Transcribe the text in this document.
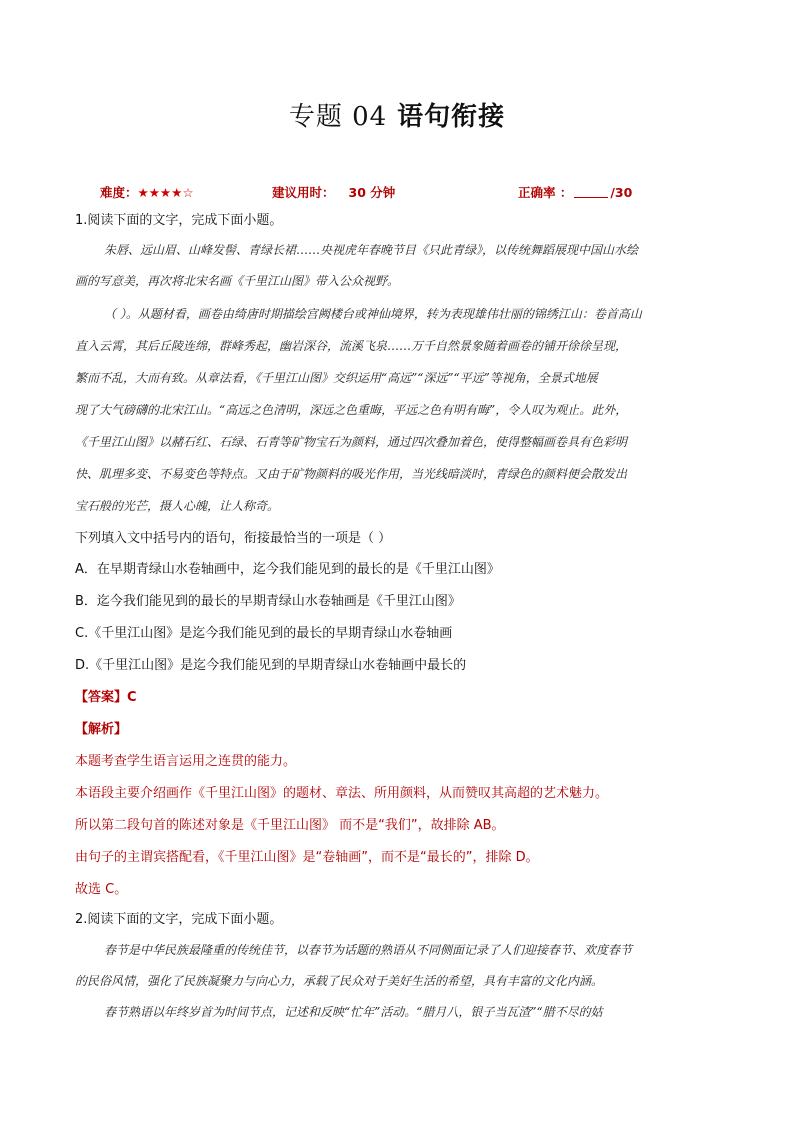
专题 04 语句衔接
难度：★★★★☆	建议用时： 30 分钟	正确率 ：	/30
1.阅读下面的文字，完成下面小题。
朱唇、远山眉、山峰发髻、青绿长裙……央视虎年春晚节目《只此青绿》，以传统舞蹈展现中国山水绘
画的写意美，再次将北宋名画《千里江山图》带入公众视野。
（ ）。从题材看，画卷由绮唐时期描绘宫阙楼台或神仙境界，转为表现雄伟壮丽的锦绣江山：卷首高山
直入云霄，其后丘陵连绵，群峰秀起，幽岩深谷，流溪飞泉……万千自然景象随着画卷的铺开徐徐呈现，
繁而不乱，大而有致。从章法看，《千里江山图》交织运用“高远”“深远”“平远”等视角，全景式地展
现了大气磅礴的北宋江山。“高远之色清明，深远之色重晦，平远之色有明有晦”，令人叹为观止。此外，
《千里江山图》以赭石红、石绿、石青等矿物宝石为颜料，通过四次叠加着色，使得整幅画卷具有色彩明
快、肌理多变、不易变色等特点。又由于矿物颜料的吸光作用，当光线暗淡时，青绿色的颜料便会散发出
宝石般的光芒，摄人心魄，让人称奇。
下列填入文中括号内的语句，衔接最恰当的一项是（ ）
A．在早期青绿山水卷轴画中，迄今我们能见到的最长的是《千里江山图》
B．迄今我们能见到的最长的早期青绿山水卷轴画是《千里江山图》
C.《千里江山图》是迄今我们能见到的最长的早期青绿山水卷轴画
D.《千里江山图》是迄今我们能见到的早期青绿山水卷轴画中最长的
【答案】C
【解析】
本题考查学生语言运用之连贯的能力。
本语段主要介绍画作《千里江山图》的题材、章法、所用颜料，从而赞叹其高超的艺术魅力。
所以第二段句首的陈述对象是《千里江山图》 而不是“我们”，故排除 AB。
由句子的主谓宾搭配看，《千里江山图》是“卷轴画”，而不是“最长的”，排除 D。
故选 C。
2.阅读下面的文字，完成下面小题。
春节是中华民族最隆重的传统佳节，以春节为话题的熟语从不同侧面记录了人们迎接春节、欢度春节
的民俗风情，强化了民族凝聚力与向心力，承载了民众对于美好生活的希望，具有丰富的文化内涵。
春节熟语以年终岁首为时间节点，记述和反映“忙年”活动。“腊月八，银子当瓦渣”“腊不尽的姑
